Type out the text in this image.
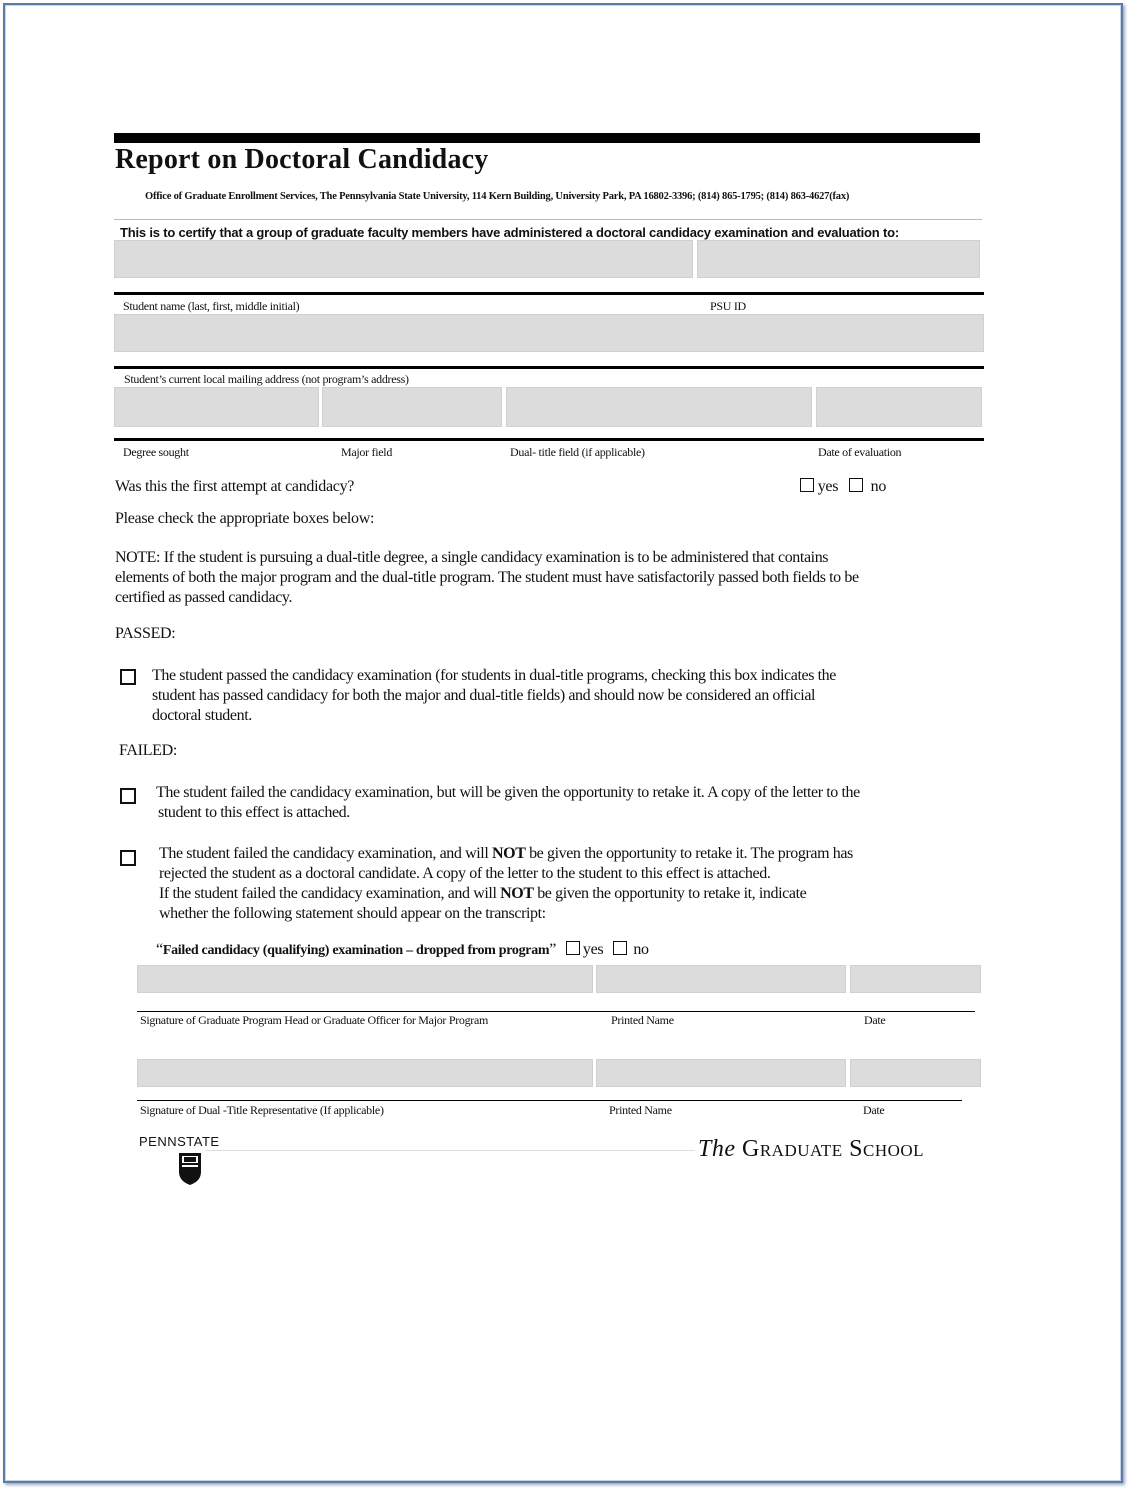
Report on Doctoral Candidacy
Office of Graduate Enrollment Services, The Pennsylvania State University, 114 Kern Building, University Park, PA 16802-3396; (814) 865-1795; (814) 863-4627(fax)
This is to certify that a group of graduate faculty members have administered a doctoral candidacy examination and evaluation to:
Student name (last, first, middle initial)	PSU ID
Student’s current local mailing address (not program’s address)
Degree sought	Major field	Dual- title field (if applicable)	Date of evaluation
Was this the first attempt at candidacy?	yes no
Please check the appropriate boxes below:
NOTE: If the student is pursuing a dual-title degree, a single candidacy examination is to be administered that contains
elements of both the major program and the dual-title program. The student must have satisfactorily passed both fields to be
certified as passed candidacy.
PASSED:
The student passed the candidacy examination (for students in dual-title programs, checking this box indicates the
student has passed candidacy for both the major and dual-title fields) and should now be considered an official
doctoral student.
FAILED:
The student failed the candidacy examination, but will be given the opportunity to retake it. A copy of the letter to the
student to this effect is attached.
The student failed the candidacy examination, and will NOT be given the opportunity to retake it. The program has
rejected the student as a doctoral candidate. A copy of the letter to the student to this effect is attached.
If the student failed the candidacy examination, and will NOT be given the opportunity to retake it, indicate
whether the following statement should appear on the transcript:
“Failed candidacy (qualifying) examination – dropped from program” yes no
Signature of Graduate Program Head or Graduate Officer for Major Program	Printed Name	Date
Signature of Dual -Title Representative (If applicable)	Printed Name	Date
PENNSTATE	The Graduate School
